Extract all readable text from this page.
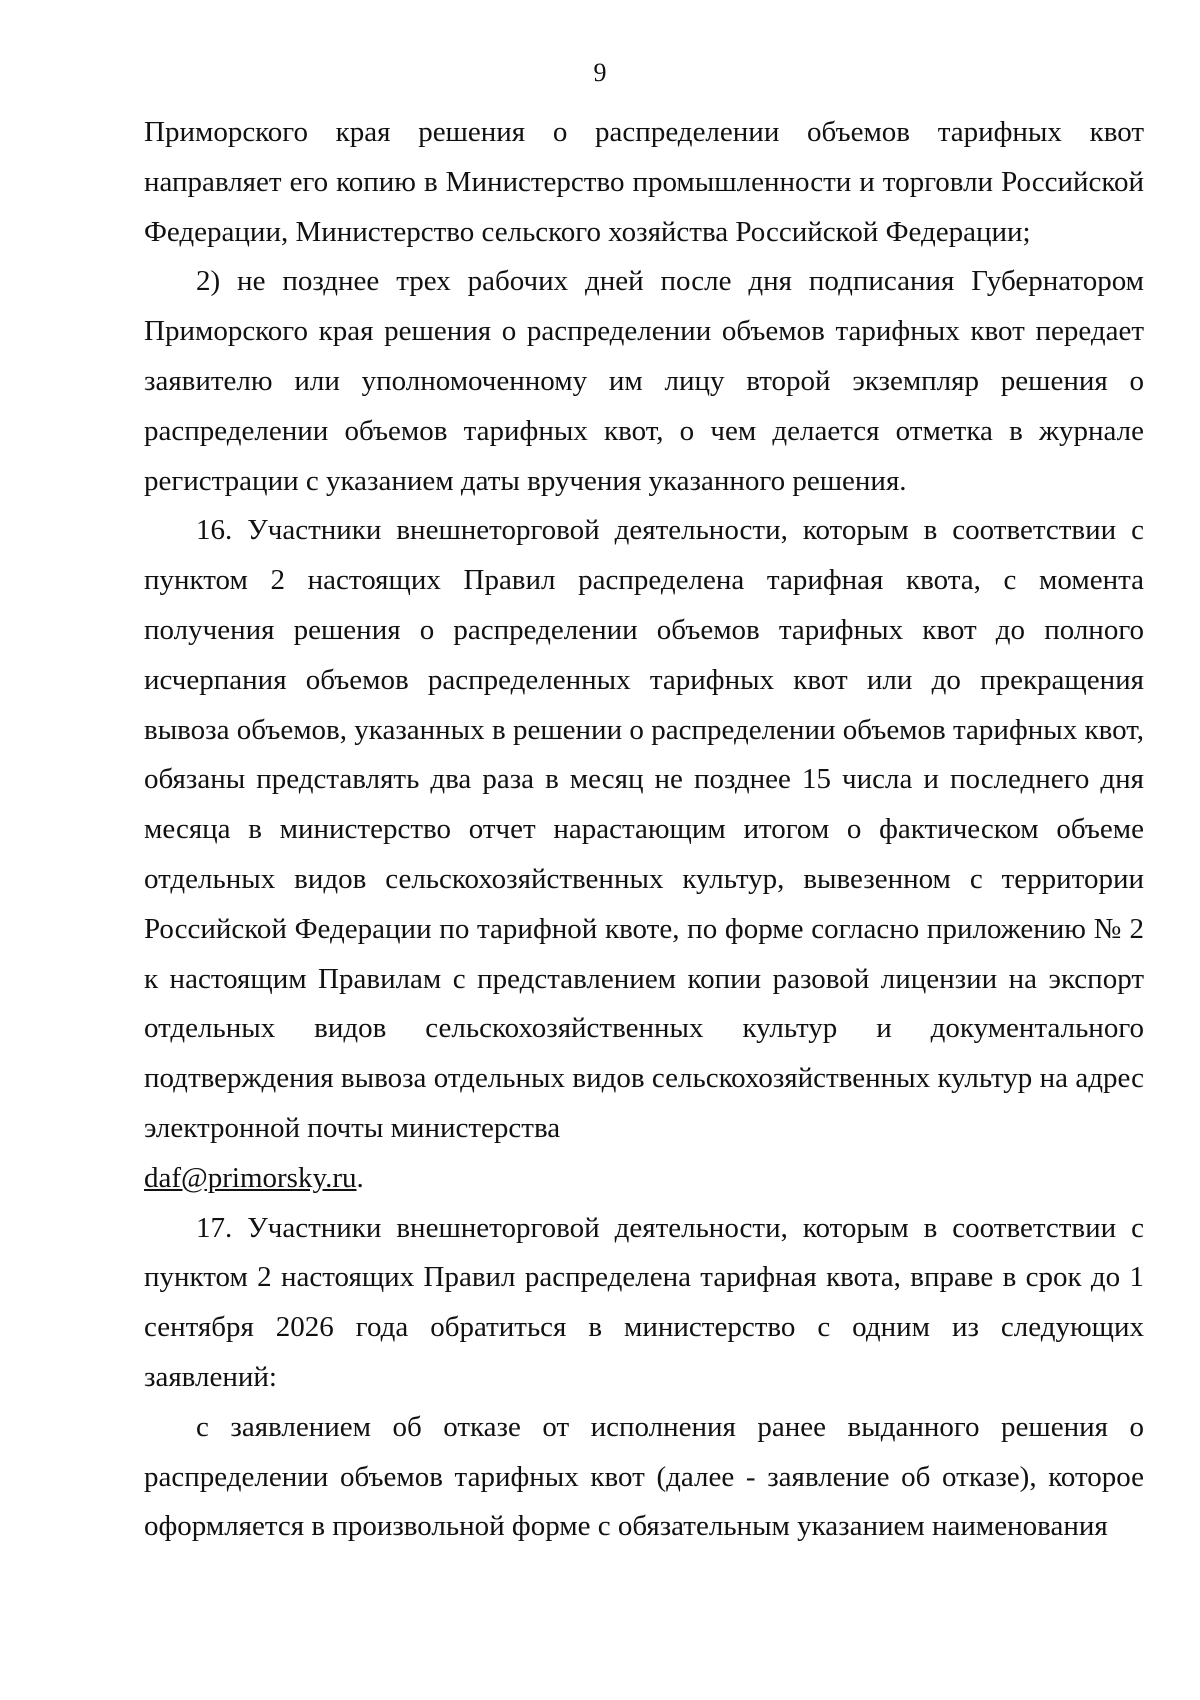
9

Приморского края решения о распределении объемов тарифных квот направляет его копию в Министерство промышленности и торговли Российской Федерации, Министерство сельского хозяйства Российской Федерации;

2) не позднее трех рабочих дней после дня подписания Губернатором Приморского края решения о распределении объемов тарифных квот передает заявителю или уполномоченному им лицу второй экземпляр решения о распределении объемов тарифных квот, о чем делается отметка в журнале регистрации с указанием даты вручения указанного решения.

16. Участники внешнеторговой деятельности, которым в соответствии с пунктом 2 настоящих Правил распределена тарифная квота, с момента получения решения о распределении объемов тарифных квот до полного исчерпания объемов распределенных тарифных квот или до прекращения вывоза объемов, указанных в решении о распределении объемов тарифных квот, обязаны представлять два раза в месяц не позднее 15 числа и последнего дня месяца в министерство отчет нарастающим итогом о фактическом объеме отдельных видов сельскохозяйственных культур, вывезенном с территории Российской Федерации по тарифной квоте, по форме согласно приложению № 2 к настоящим Правилам с представлением копии разовой лицензии на экспорт отдельных видов сельскохозяйственных культур и документального подтверждения вывоза отдельных видов сельскохозяйственных культур на адрес электронной почты министерства
daf@primorsky.ru.

17. Участники внешнеторговой деятельности, которым в соответствии с пунктом 2 настоящих Правил распределена тарифная квота, вправе в срок до 1 сентября 2026 года обратиться в министерство с одним из следующих заявлений:

с заявлением об отказе от исполнения ранее выданного решения о распределении объемов тарифных квот (далее - заявление об отказе), которое оформляется в произвольной форме с обязательным указанием наименования
